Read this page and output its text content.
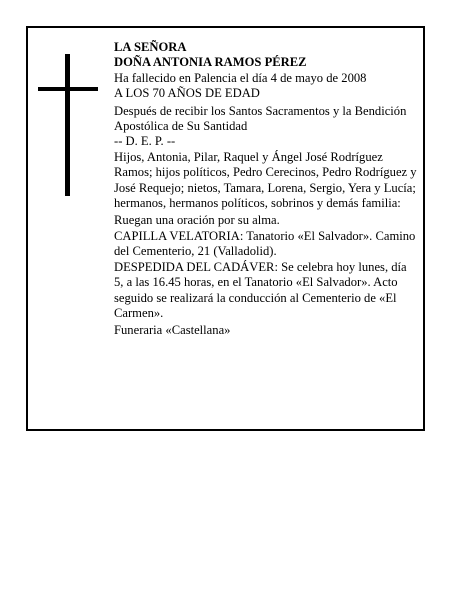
LA SEÑORA

DOÑA ANTONIA RAMOS PÉREZ

Ha fallecido en Palencia el día 4 de mayo de 2008

A LOS 70 AÑOS DE EDAD

Después de recibir los Santos Sacramentos y la Bendición Apostólica de Su Santidad

-- D. E. P. --

Hijos, Antonia, Pilar, Raquel y Ángel José Rodríguez Ramos; hijos políticos, Pedro Cerecinos, Pedro Rodríguez y José Requejo; nietos, Tamara, Lorena, Sergio, Yera y Lucía; hermanos, hermanos políticos, sobrinos y demás familia:

Ruegan una oración por su alma.

CAPILLA VELATORIA: Tanatorio «El Salvador». Camino del Cementerio, 21 (Valladolid).

DESPEDIDA DEL CADÁVER: Se celebra hoy lunes, día 5, a las 16.45 horas, en el Tanatorio «El Salvador». Acto seguido se realizará la conducción al Cementerio de «El Carmen».

Funeraria «Castellana»
